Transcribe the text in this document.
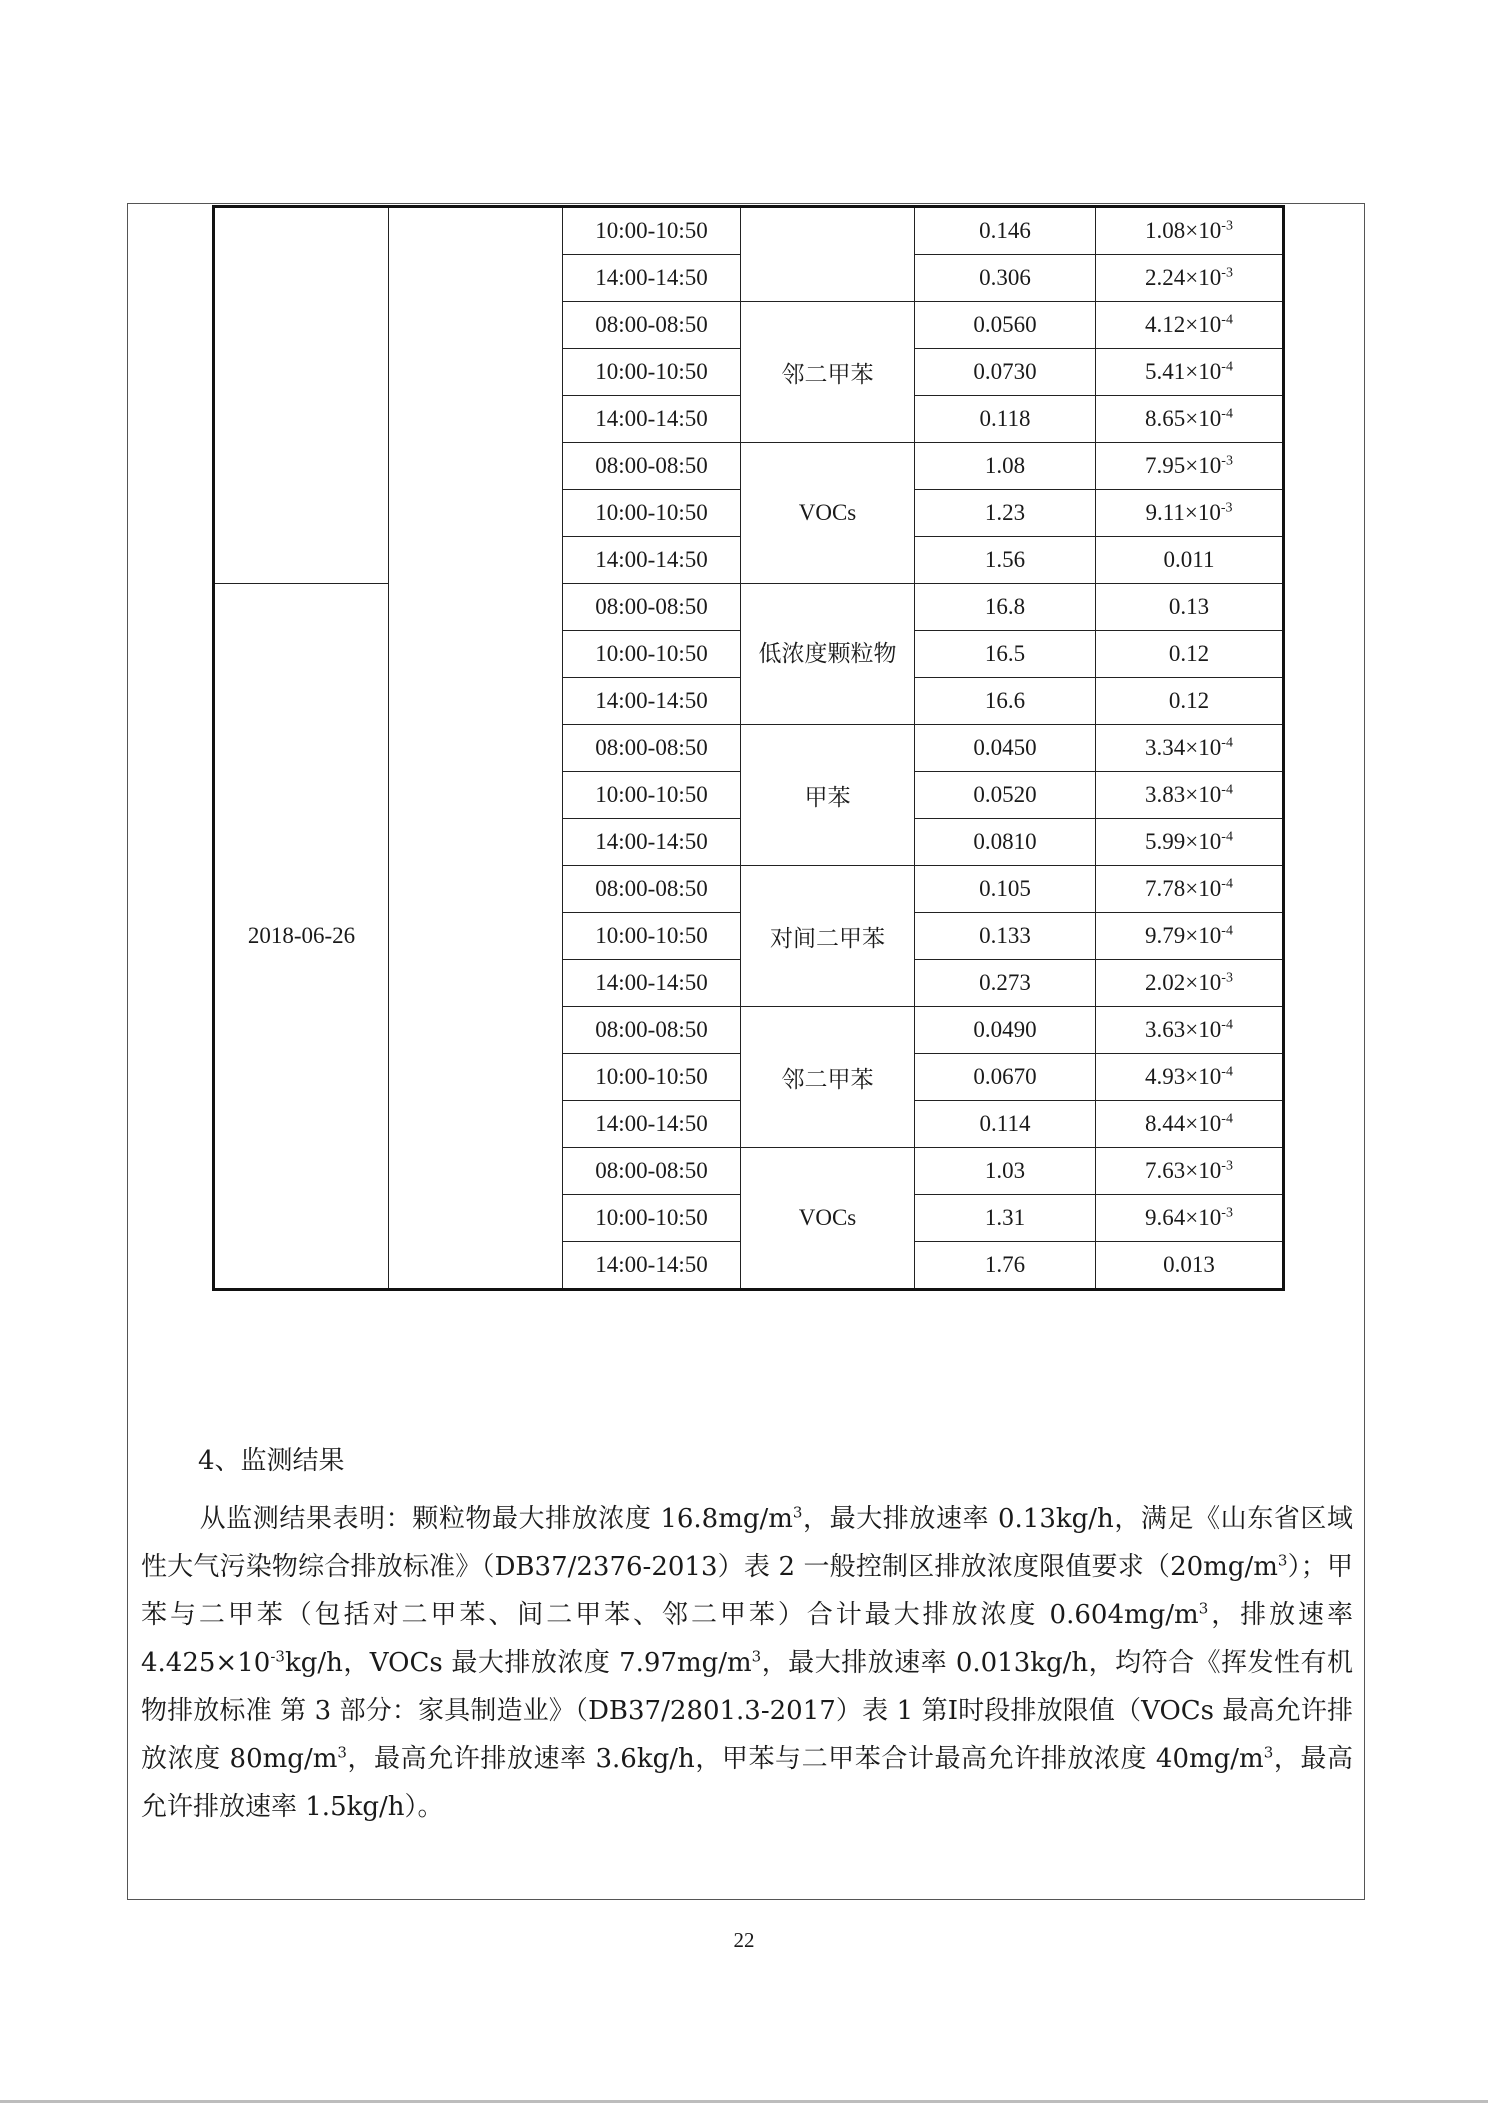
		10:00-10:50		0.146	$1.08\times 10^{-3}$
		14:00-14:50		0.306	$2.24\times 10^{-3}$
		08:00-08:50	邻二甲苯	0.0560	$4.12\times 10^{-4}$
		10:00-10:50		0.0730	$5.41\times 10^{-4}$
		14:00-14:50		0.118	$8.65\times 10^{-4}$
		08:00-08:50	VOCs	1.08	$7.95\times 10^{-3}$
		10:00-10:50		1.23	$9.11\times 10^{-3}$
		14:00-14:50		1.56	0.011
2018-06-26		08:00-08:50	低浓度颗粒物	16.8	0.13
		10:00-10:50		16.5	0.12
		14:00-14:50		16.6	0.12
		08:00-08:50	甲苯	0.0450	$3.34\times 10^{-4}$
		10:00-10:50		0.0520	$3.83\times 10^{-4}$
		14:00-14:50		0.0810	$5.99\times 10^{-4}$
		08:00-08:50	对间二甲苯	0.105	$7.78\times 10^{-4}$
		10:00-10:50		0.133	$9.79\times 10^{-4}$
		14:00-14:50		0.273	$2.02\times 10^{-3}$
		08:00-08:50	邻二甲苯	0.0490	$3.63\times 10^{-4}$
		10:00-10:50		0.0670	$4.93\times 10^{-4}$
		14:00-14:50		0.114	$8.44\times 10^{-4}$
		08:00-08:50	VOCs	1.03	$7.63\times 10^{-3}$
		10:00-10:50		1.31	$9.64\times 10^{-3}$
		14:00-14:50		1.76	0.013
4、监测结果
从监测结果表明：颗粒物最大排放浓度 $16.8mg/m^3$，最大排放速率 0.13kg/h，满足《山东省区域性大气污染物综合排放标准》（DB37/2376-2013）表 2 一般控制区排放浓度限值要求$(20mg/m^3)$；甲苯与二甲苯（包括对二甲苯、间二甲苯、邻二甲苯）合计最大排放浓度 $0.604mg/m^3$，排放速率 $4.425\times 10^{-3}kg/h$，VOCs 最大排放浓度 $7.97mg/m^3$，最大排放速率 0.013kg/h，均符合《挥发性有机物排放标准 第 3 部分：家具制造业》（DB37/2801.3-2017）表 1 第Ⅰ时段排放限值（VOCs 最高允许排放浓度 $80mg/m^3$，最高允许排放速率 3.6kg/h，甲苯与二甲苯合计最高允许排放浓度 $40mg/m^3$，最高允许排放速率 1.5kg/h）。
22
